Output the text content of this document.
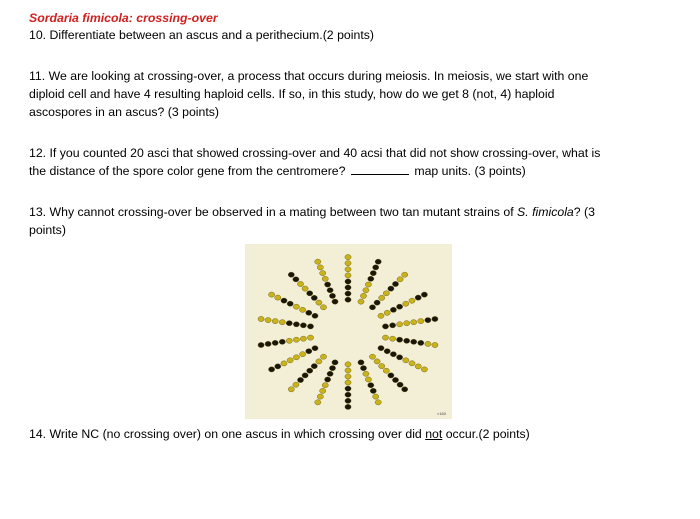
Sordaria fimicola: crossing-over
10. Differentiate between an ascus and a perithecium.(2 points)
11. We are looking at crossing-over, a process that occurs during meiosis. In meiosis, we start with one
diploid cell and have 4 resulting haploid cells. If so, in this study, how do we get 8 (not, 4) haploid
ascospores in an ascus? (3 points)
12. If you counted 20 asci that showed crossing-over and 40 acsi that did not show crossing-over, what is
the distance of the spore color gene from the centromere?	map units. (3 points)
13. Why cannot crossing-over be observed in a mating between two tan mutant strains of S. fimicola? (3
points)
×160
14. Write NC (no crossing over) on one ascus in which crossing over did not occur.(2 points)
